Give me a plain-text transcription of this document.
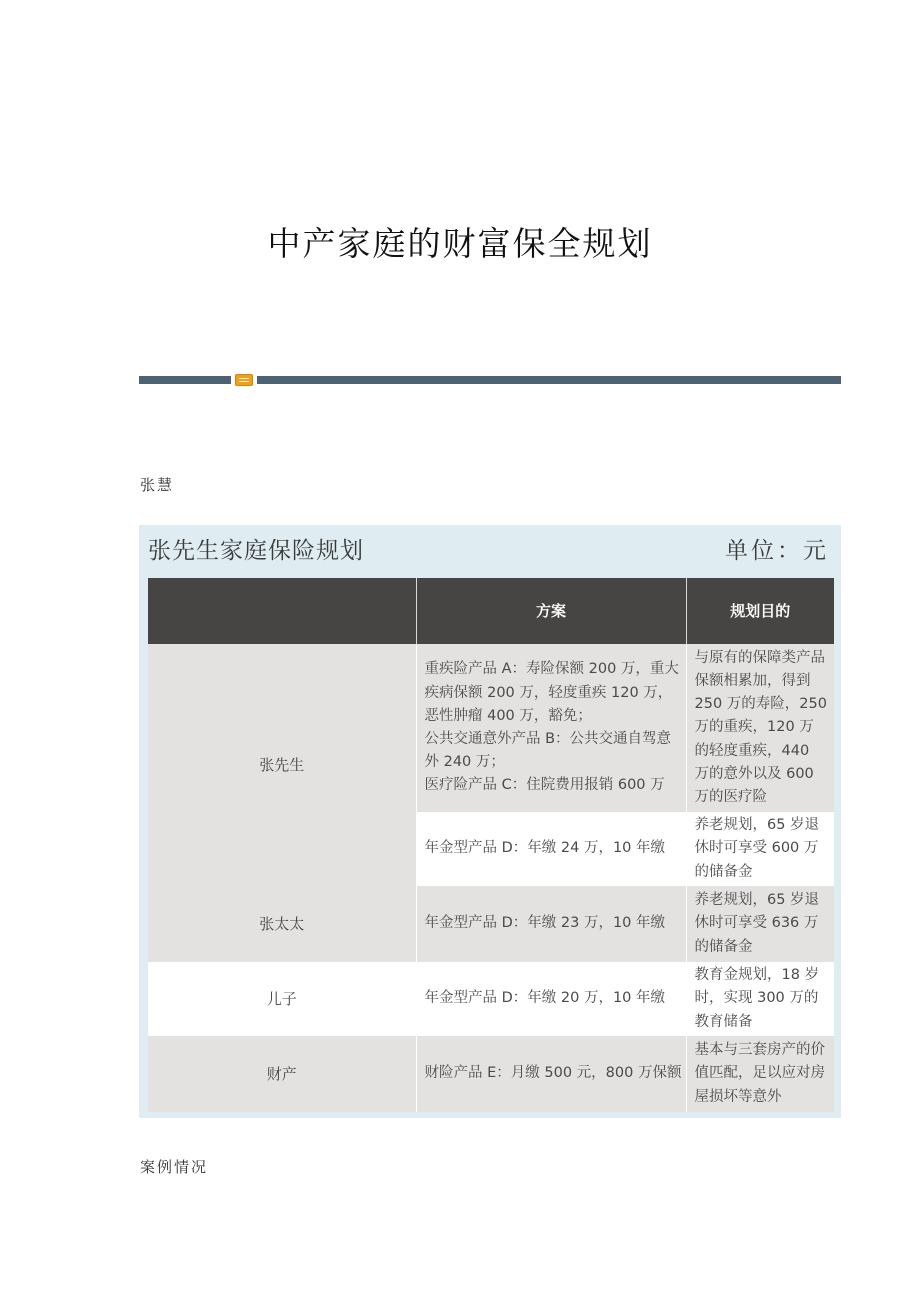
中产家庭的财富保全规划
张慧
张先生家庭保险规划	单位：元
	方案	规划目的
张先生	重疾险产品 A：寿险保额 200 万，重大疾病保额 200 万，轻度重疾 120 万，恶性肿瘤 400 万，豁免；
公共交通意外产品 B：公共交通自驾意外 240 万；
医疗险产品 C：住院费用报销 600 万	与原有的保障类产品保额相累加，得到 250 万的寿险，250 万的重疾，120 万的轻度重疾，440 万的意外以及 600 万的医疗险
	年金型产品 D：年缴 24 万，10 年缴	养老规划，65 岁退休时可享受 600 万的储备金
张太太	年金型产品 D：年缴 23 万，10 年缴	养老规划，65 岁退休时可享受 636 万的储备金
儿子	年金型产品 D：年缴 20 万，10 年缴	教育金规划，18 岁时，实现 300 万的教育储备
财产	财险产品 E：月缴 500 元，800 万保额	基本与三套房产的价值匹配，足以应对房屋损坏等意外
案例情况
